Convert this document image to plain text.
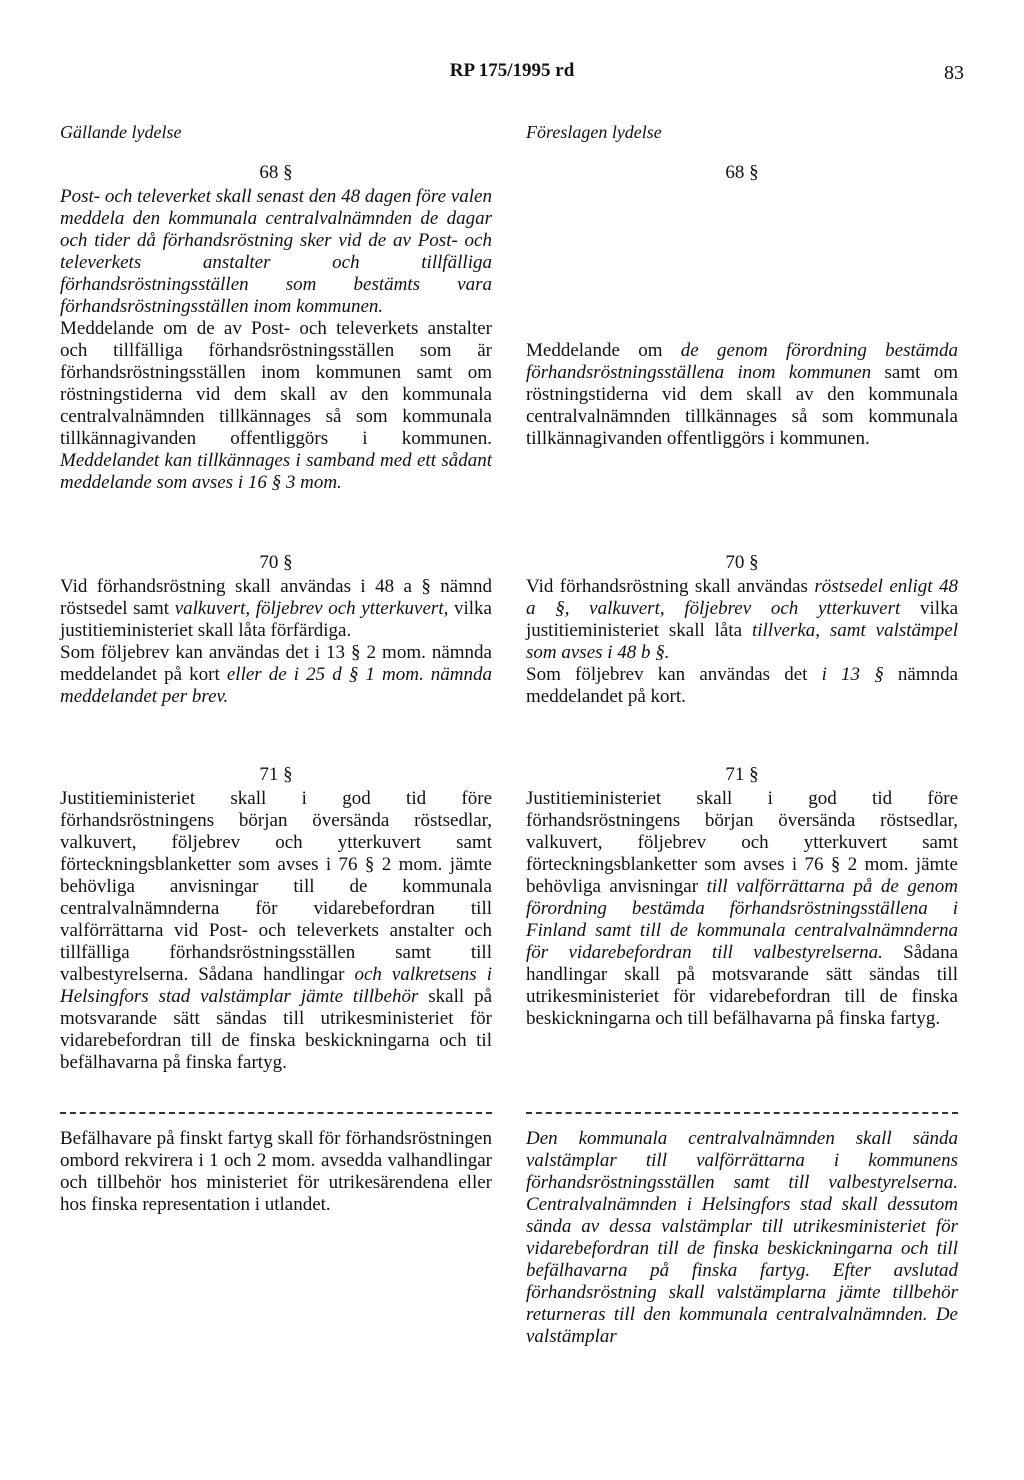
RP 175/1995 rd	83
Gällande lydelse	Föreslagen lydelse
68 §

Post- och televerket skall senast den 48 dagen före valen meddela den kommunala centralvalnämnden de dagar och tider då förhandsröstning sker vid de av Post- och televerkets anstalter och tillfälliga förhandsröstningsställen som bestämts vara förhandsröstningsställen inom kommunen.

Meddelande om de av Post- och televerkets anstalter och tillfälliga förhandsröstningsställen som är förhandsröstningsställen inom kommunen samt om röstningstiderna vid dem skall av den kommunala centralvalnämnden tillkännages så som kommunala tillkännagivanden offentliggörs i kommunen. Meddelandet kan tillkännages i samband med ett sådant meddelande som avses i 16 § 3 mom.

70 §

Vid förhandsröstning skall användas i 48 a § nämnd röstsedel samt valkuvert, följebrev och ytterkuvert, vilka justitieministeriet skall låta förfärdiga.

Som följebrev kan användas det i 13 § 2 mom. nämnda meddelandet på kort eller de i 25 d § 1 mom. nämnda meddelandet per brev.

71 §

Justitieministeriet skall i god tid före förhandsröstningens början översända röstsedlar, valkuvert, följebrev och ytterkuvert samt förteckningsblanketter som avses i 76 § 2 mom. jämte behövliga anvisningar till de kommunala centralvalnämnderna för vidarebefordran till valförrättarna vid Post- och televerkets anstalter och tillfälliga förhandsröstningsställen samt till valbestyrelserna. Sådana handlingar och valkretsens i Helsingfors stad valstämplar jämte tillbehör skall på motsvarande sätt sändas till utrikesministeriet för vidarebefordran till de finska beskickningarna och til befälhavarna på finska fartyg.

Befälhavare på finskt fartyg skall för förhandsröstningen ombord rekvirera i 1 och 2 mom. avsedda valhandlingar och tillbehör hos ministeriet för utrikesärendena eller hos finska representation i utlandet.

68 §

Meddelande om de genom förordning bestämda förhandsröstningsställena inom kommunen samt om röstningstiderna vid dem skall av den kommunala centralvalnämnden tillkännages så som kommunala tillkännagivanden offentliggörs i kommunen.

70 §

Vid förhandsröstning skall användas röstsedel enligt 48 a §, valkuvert, följebrev och ytterkuvert vilka justitieministeriet skall låta tillverka, samt valstämpel som avses i 48 b §.

Som följebrev kan användas det i 13 § nämnda meddelandet på kort.

71 §

Justitieministeriet skall i god tid före förhandsröstningens början översända röstsedlar, valkuvert, följebrev och ytterkuvert samt förteckningsblanketter som avses i 76 § 2 mom. jämte behövliga anvisningar till valförrättarna på de genom förordning bestämda förhandsröstningsställena i Finland samt till de kommunala centralvalnämnderna för vidarebefordran till valbestyrelserna. Sådana handlingar skall på motsvarande sätt sändas till utrikesministeriet för vidarebefordran till de finska beskickningarna och till befälhavarna på finska fartyg.

Den kommunala centralvalnämnden skall sända valstämplar till valförrättarna i kommunens förhandsröstningsställen samt till valbestyrelserna. Centralvalnämnden i Helsingfors stad skall dessutom sända av dessa valstämplar till utrikesministeriet för vidarebefordran till de finska beskickningarna och till befälhavarna på finska fartyg. Efter avslutad förhandsröstning skall valstämplarna jämte tillbehör returneras till den kommunala centralvalnämnden. De valstämplar
